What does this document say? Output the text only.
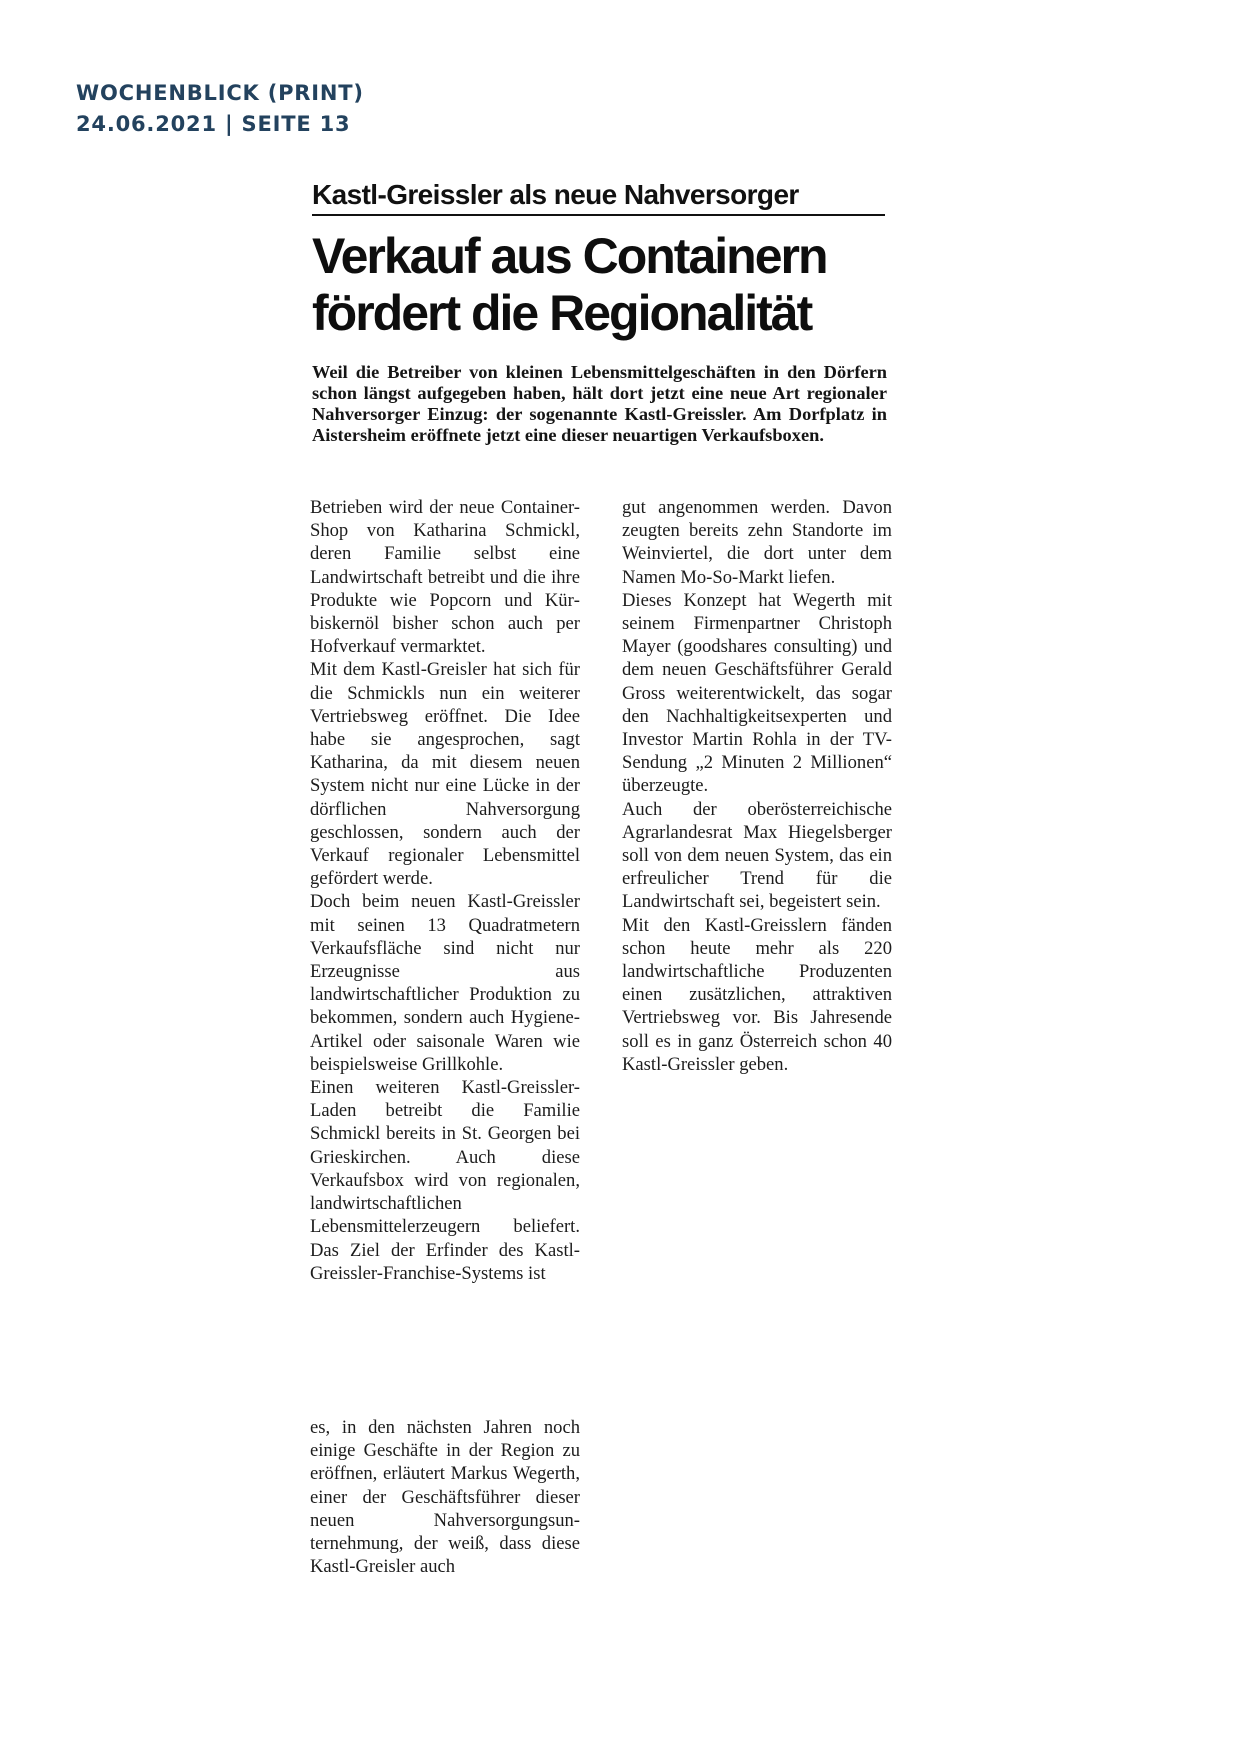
WOCHENBLICK (PRINT)
24.06.2021 | SEITE 13
Kastl-Greissler als neue Nahversorger
Verkauf aus Containern
fördert die Regionalität
Weil die Betreiber von kleinen Lebensmittelgeschäften in den Dörfern schon längst aufgegeben haben, hält dort jetzt eine neue Art regionaler Nahversorger Einzug: der sogenannte Kastl-Greissler. Am Dorfplatz in Aistersheim eröffnete jetzt eine dieser neuartigen Verkaufsboxen.

Betrieben wird der neue Container-Shop von Katharina Schmickl, deren Familie selbst eine Landwirtschaft betreibt und die ihre Produkte wie Popcorn und Kürbiskernöl bisher schon auch per Hofverkauf vermarktet.

Mit dem Kastl-Greisler hat sich für die Schmickls nun ein weiterer Vertriebsweg eröffnet. Die Idee habe sie angesprochen, sagt Katharina, da mit diesem neuen System nicht nur eine Lücke in der dörflichen Nahversorgung geschlossen, sondern auch der Verkauf regionaler Lebensmittel gefördert werde.

Doch beim neuen Kastl-Greissler mit seinen 13 Quadratmetern Verkaufsfläche sind nicht nur Erzeugnisse aus landwirtschaftlicher Produktion zu bekommen, sondern auch Hygiene-Artikel oder saisonale Waren wie beispielsweise Grillkohle.

Einen weiteren Kastl-Greissler-Laden betreibt die Familie Schmickl bereits in St. Georgen bei Grieskirchen. Auch diese Verkaufsbox wird von regionalen, landwirtschaftlichen Lebensmittelerzeugern beliefert. Das Ziel der Erfinder des Kastl-Greissler-Franchise-Systems ist

es, in den nächsten Jahren noch einige Geschäfte in der Region zu eröffnen, erläutert Markus Wegerth, einer der Geschäftsführer dieser neuen Nahversorgungsunternehmung, der weiß, dass diese Kastl-Greisler auch

gut angenommen werden. Davon zeugten bereits zehn Standorte im Weinviertel, die dort unter dem Namen Mo-So-Markt liefen.

Dieses Konzept hat Wegerth mit seinem Firmenpartner Christoph Mayer (goodshares consulting) und dem neuen Geschäftsführer Gerald Gross weiterentwickelt, das sogar den Nachhaltigkeitsexperten und Investor Martin Rohla in der TV-Sendung „2 Minuten 2 Millionen“ überzeugte.

Auch der oberösterreichische Agrarlandesrat Max Hiegelsberger soll von dem neuen System, das ein erfreulicher Trend für die Landwirtschaft sei, begeistert sein.

Mit den Kastl-Greisslern fänden schon heute mehr als 220 landwirtschaftliche Produzenten einen zusätzlichen, attraktiven Vertriebsweg vor. Bis Jahresende soll es in ganz Österreich schon 40 Kastl-Greissler geben.
